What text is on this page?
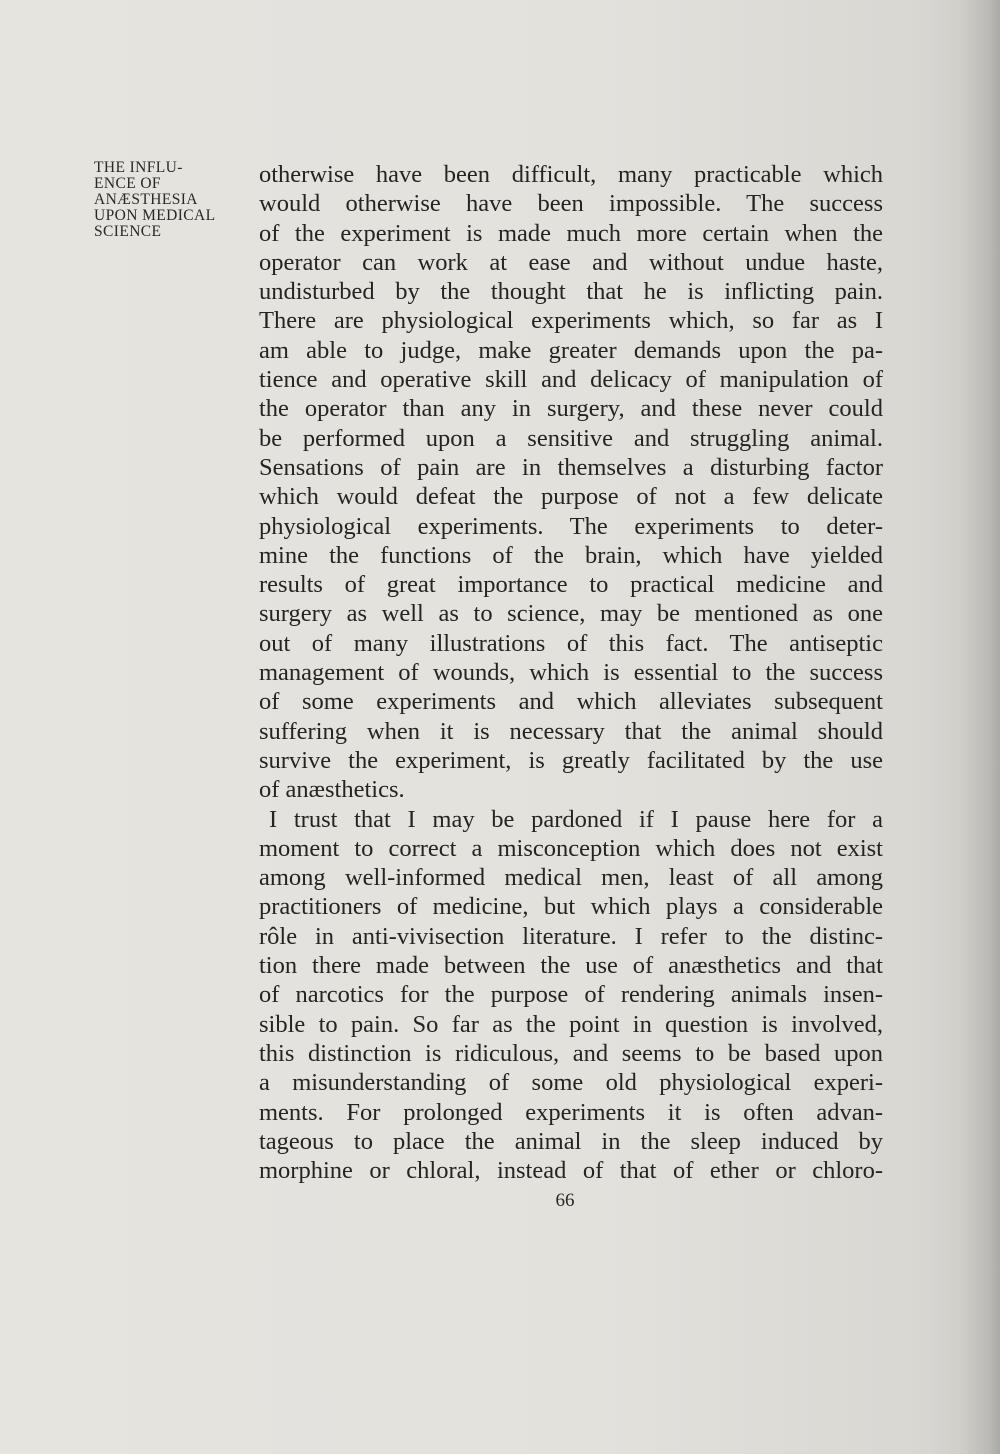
THE INFLU-
ENCE OF
ANÆSTHESIA
UPON MEDICAL
SCIENCE
otherwise have been difficult, many practicable which
would otherwise have been impossible. The success
of the experiment is made much more certain when the
operator can work at ease and without undue haste,
undisturbed by the thought that he is inflicting pain.
There are physiological experiments which, so far as I
am able to judge, make greater demands upon the pa-
tience and operative skill and delicacy of manipulation of
the operator than any in surgery, and these never could
be performed upon a sensitive and struggling animal.
Sensations of pain are in themselves a disturbing factor
which would defeat the purpose of not a few delicate
physiological experiments. The experiments to deter-
mine the functions of the brain, which have yielded
results of great importance to practical medicine and
surgery as well as to science, may be mentioned as one
out of many illustrations of this fact. The antiseptic
management of wounds, which is essential to the success
of some experiments and which alleviates subsequent
suffering when it is necessary that the animal should
survive the experiment, is greatly facilitated by the use
of anæsthetics.
I trust that I may be pardoned if I pause here for a
moment to correct a misconception which does not exist
among well-informed medical men, least of all among
practitioners of medicine, but which plays a considerable
rôle in anti-vivisection literature. I refer to the distinc-
tion there made between the use of anæsthetics and that
of narcotics for the purpose of rendering animals insen-
sible to pain. So far as the point in question is involved,
this distinction is ridiculous, and seems to be based upon
a misunderstanding of some old physiological experi-
ments. For prolonged experiments it is often advan-
tageous to place the animal in the sleep induced by
morphine or chloral, instead of that of ether or chloro-
66
